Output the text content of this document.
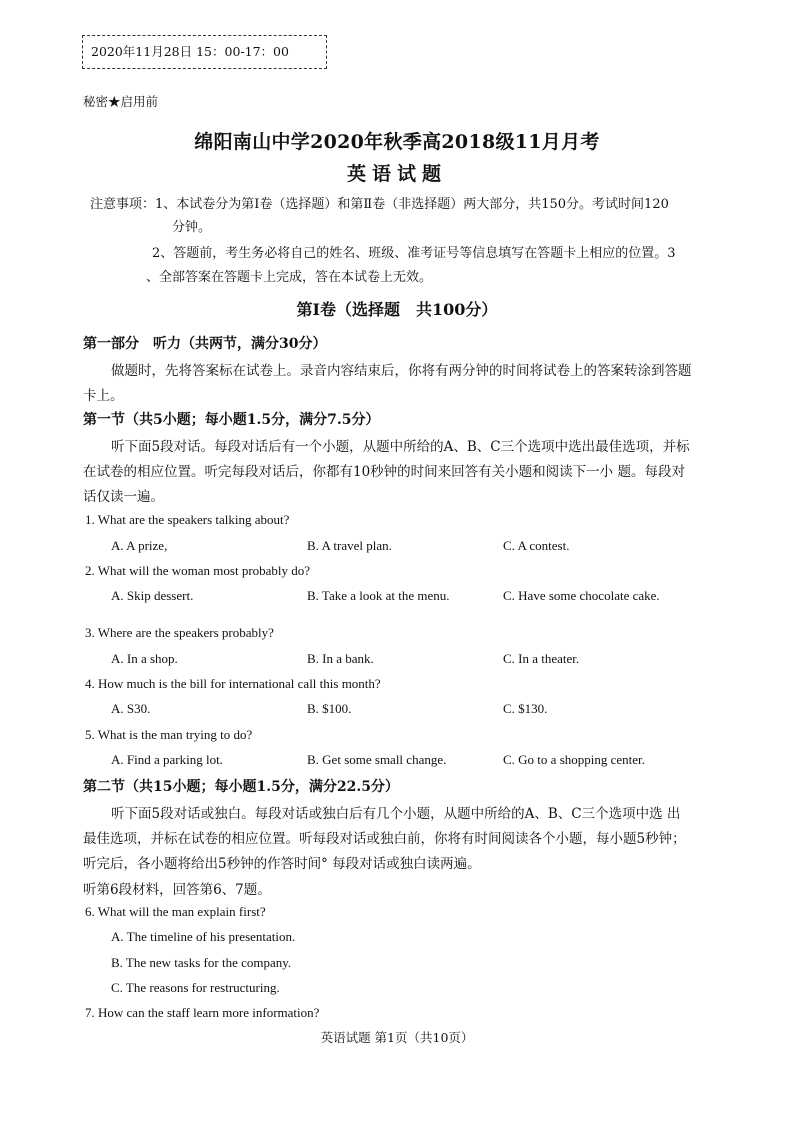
2020年11月28日 15：00-17：00
秘密★启用前
绵阳南山中学2020年秋季高2018级11月月考
英语试题
注意事项：1、本试卷分为第Ⅰ卷（选择题）和第Ⅱ卷（非选择题）两大部分，共150分。考试时间120
分钟。
2、答题前，考生务必将自己的姓名、班级、准考证号等信息填写在答题卡上相应的位置。3
、全部答案在答题卡上完成，答在本试卷上无效。
第Ⅰ卷（选择题　共100分）
第一部分　听力（共两节，满分30分）
做题时，先将答案标在试卷上。录音内容结束后，你将有两分钟的时间将试卷上的答案转涂到答题
卡上。
第一节（共5小题；每小题1.5分，满分7.5分）
听下面5段对话。每段对话后有一个小题，从题中所给的A、B、C三个选项中选出最佳选项，并标
在试卷的相应位置。听完每段对话后，你都有10秒钟的时间来回答有关小题和阅读下一小 题。每段对
话仅读一遍。
1. What are the speakers talking about?
A. A prize,	B. A travel plan.	C. A contest.
2. What will the woman most probably do?
A. Skip dessert.	B. Take a look at the menu.	C. Have some chocolate cake.
3. Where are the speakers probably?
A. In a shop.	B. In a bank.	C. In a theater.
4. How much is the bill for international call this month?
A. S30.	B. $100.	C. $130.
5. What is the man trying to do?
A. Find a parking lot.	B. Get some small change.	C. Go to a shopping center.
第二节（共15小题；每小题1.5分，满分22.5分）
听下面5段对话或独白。每段对话或独白后有几个小题，从题中所给的A、B、C三个选项中选 出
最佳选项，并标在试卷的相应位置。听每段对话或独白前，你将有时间阅读各个小题，每小题5秒钟；
听完后，各小题将给出5秒钟的作答时间° 每段对话或独白读两遍。
听第6段材料，回答第6、7题。
6. What will the man explain first?
A. The timeline of his presentation.
B. The new tasks for the company.
C. The reasons for restructuring.
7. How can the staff learn more information?
英语试题 第1页（共10页）
